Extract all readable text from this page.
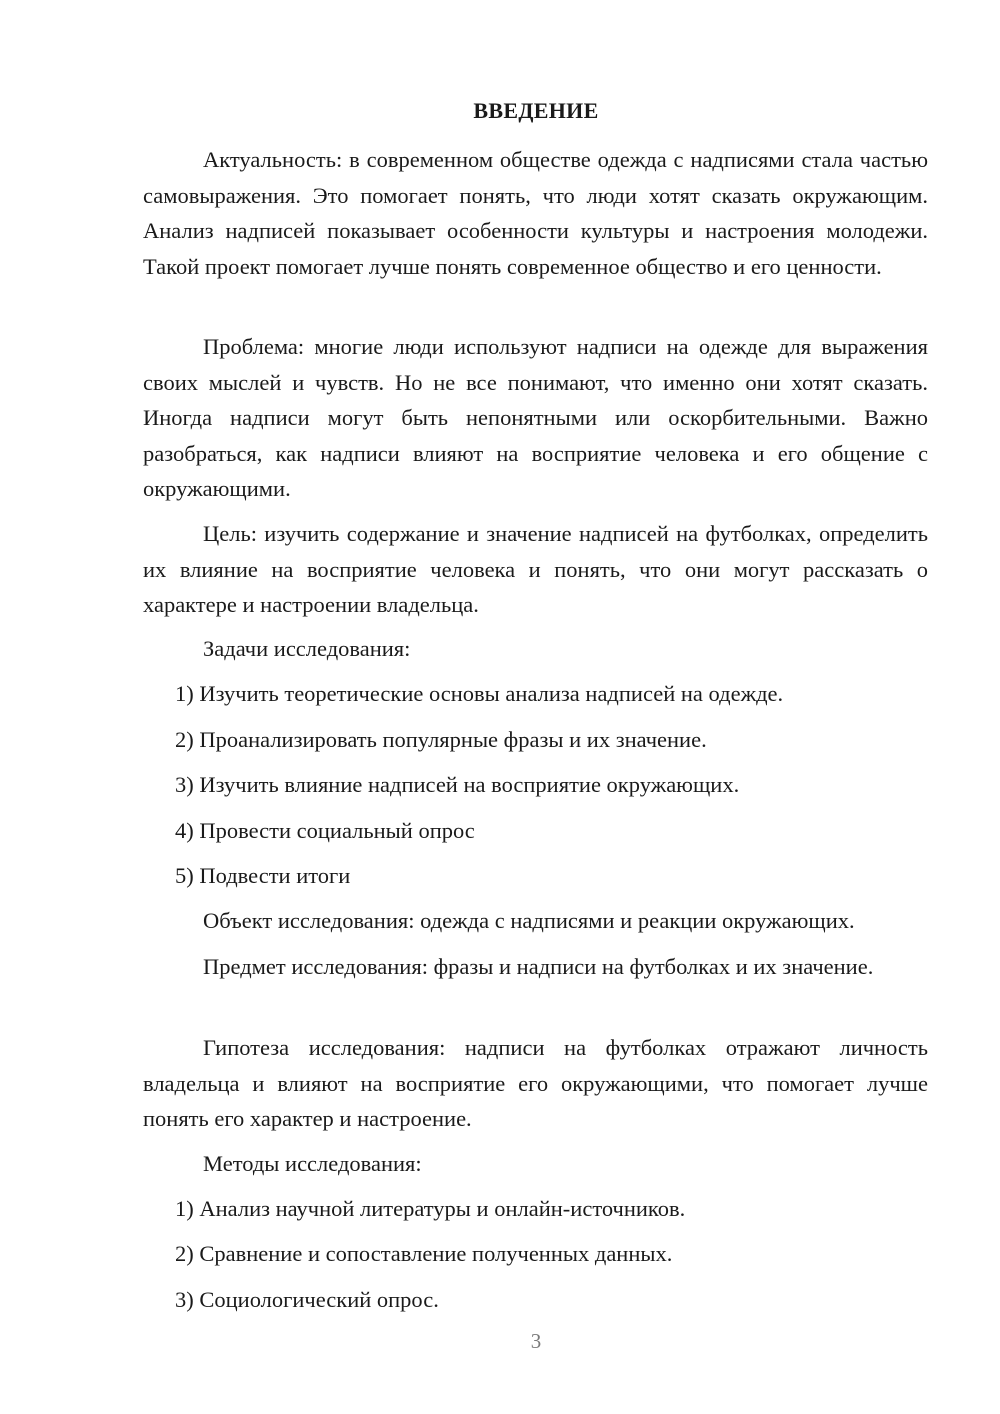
ВВЕДЕНИЕ

Актуальность: в современном обществе одежда с надписями стала частью самовыражения. Это помогает понять, что люди хотят сказать окружающим. Анализ надписей показывает особенности культуры и настроения молодежи. Такой проект помогает лучше понять современное общество и его ценности.

Проблема: многие люди используют надписи на одежде для выражения своих мыслей и чувств. Но не все понимают, что именно они хотят сказать. Иногда надписи могут быть непонятными или оскорбительными. Важно разобраться, как надписи влияют на восприятие человека и его общение с окружающими.

Цель: изучить содержание и значение надписей на футболках, определить их влияние на восприятие человека и понять, что они могут рассказать о характере и настроении владельца.

Задачи исследования:

1) Изучить теоретические основы анализа надписей на одежде.

2) Проанализировать популярные фразы и их значение.

3) Изучить влияние надписей на восприятие окружающих.

4) Провести социальный опрос

5) Подвести итоги

Объект исследования: одежда с надписями и реакции окружающих.

Предмет исследования: фразы и надписи на футболках и их значение.

Гипотеза исследования: надписи на футболках отражают личность владельца и влияют на восприятие его окружающими, что помогает лучше понять его характер и настроение.

Методы исследования:

1) Анализ научной литературы и онлайн-источников.

2) Сравнение и сопоставление полученных данных.

3) Социологический опрос.

3
